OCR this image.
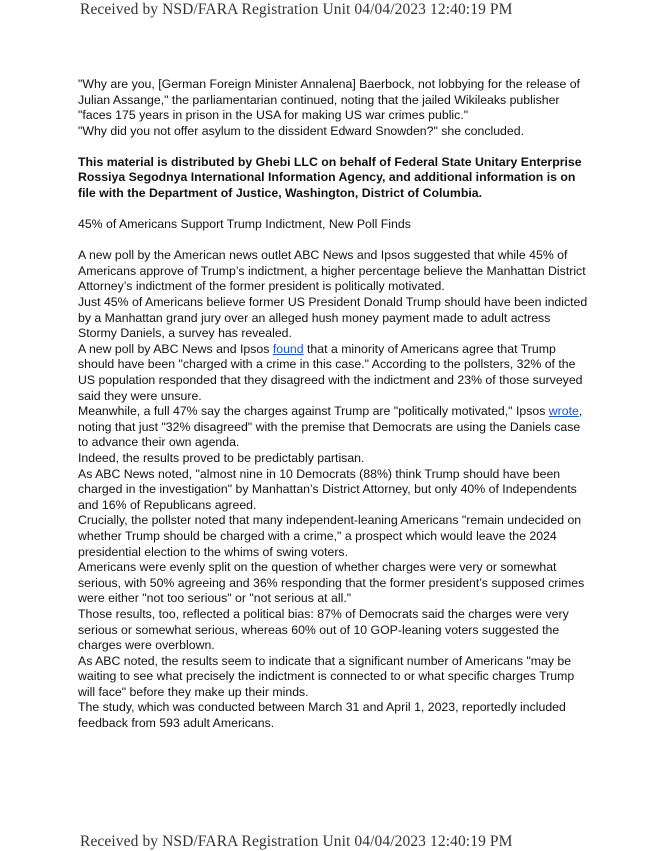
Received by NSD/FARA Registration Unit 04/04/2023 12:40:19 PM

"Why are you, [German Foreign Minister Annalena] Baerbock, not lobbying for the release of Julian Assange," the parliamentarian continued, noting that the jailed Wikileaks publisher "faces 175 years in prison in the USA for making US war crimes public."

"Why did you not offer asylum to the dissident Edward Snowden?" she concluded.

This material is distributed by Ghebi LLC on behalf of Federal State Unitary Enterprise Rossiya Segodnya International Information Agency, and additional information is on file with the Department of Justice, Washington, District of Columbia.

45% of Americans Support Trump Indictment, New Poll Finds

A new poll by the American news outlet ABC News and Ipsos suggested that while 45% of Americans approve of Trump’s indictment, a higher percentage believe the Manhattan District Attorney’s indictment of the former president is politically motivated.

Just 45% of Americans believe former US President Donald Trump should have been indicted by a Manhattan grand jury over an alleged hush money payment made to adult actress Stormy Daniels, a survey has revealed.

A new poll by ABC News and Ipsos found that a minority of Americans agree that Trump should have been "charged with a crime in this case." According to the pollsters, 32% of the US population responded that they disagreed with the indictment and 23% of those surveyed said they were unsure.

Meanwhile, a full 47% say the charges against Trump are "politically motivated," Ipsos wrote, noting that just "32% disagreed" with the premise that Democrats are using the Daniels case to advance their own agenda.

Indeed, the results proved to be predictably partisan.

As ABC News noted, "almost nine in 10 Democrats (88%) think Trump should have been charged in the investigation" by Manhattan’s District Attorney, but only 40% of Independents and 16% of Republicans agreed.

Crucially, the pollster noted that many independent-leaning Americans "remain undecided on whether Trump should be charged with a crime," a prospect which would leave the 2024 presidential election to the whims of swing voters.

Americans were evenly split on the question of whether charges were very or somewhat serious, with 50% agreeing and 36% responding that the former president’s supposed crimes were either "not too serious" or "not serious at all."

Those results, too, reflected a political bias: 87% of Democrats said the charges were very serious or somewhat serious, whereas 60% out of 10 GOP-leaning voters suggested the charges were overblown.

As ABC noted, the results seem to indicate that a significant number of Americans "may be waiting to see what precisely the indictment is connected to or what specific charges Trump will face" before they make up their minds.

The study, which was conducted between March 31 and April 1, 2023, reportedly included feedback from 593 adult Americans.

Received by NSD/FARA Registration Unit 04/04/2023 12:40:19 PM
